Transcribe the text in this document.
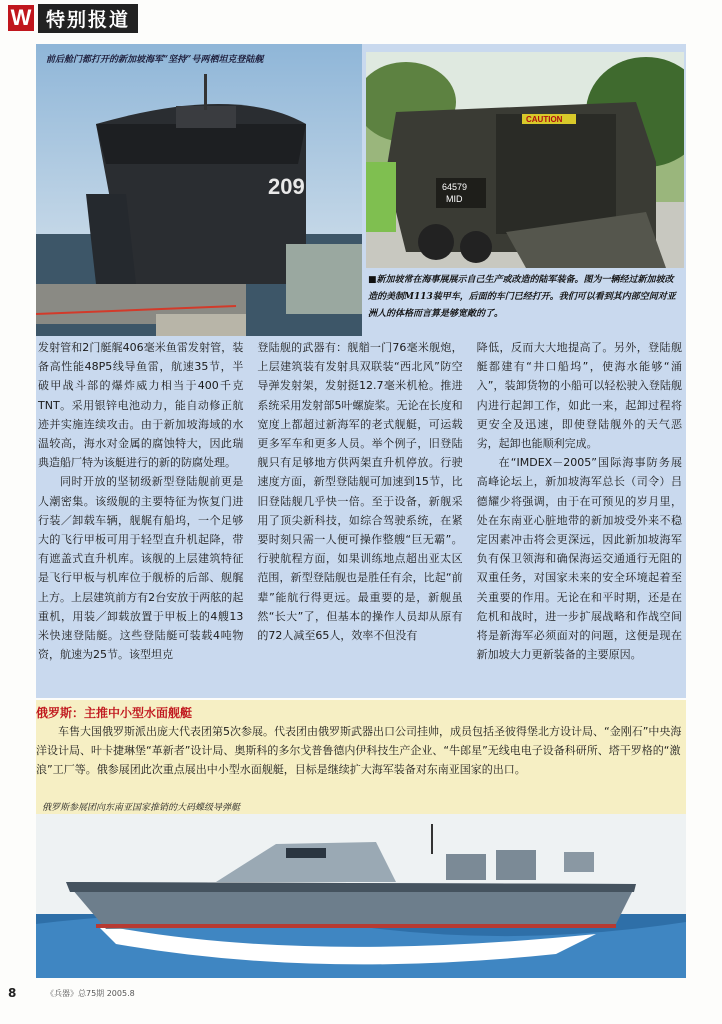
W 特别报道
209
前后舱门都打开的新加坡海军“坚持”号两栖坦克登陆舰
CAUTION
64579
MID
■新加坡常在海事展展示自己生产或改造的陆军装备。图为一辆经过新加坡改造的美制M113装甲车，后面的车门已经打开。我们可以看到其内部空间对亚洲人的体格而言算是够宽敞的了。

发射管和2门艇艉406毫米鱼雷发射管，装备高性能48P5线导鱼雷，航速35节，半破甲战斗部的爆炸威力相当于400千克TNT。采用银锌电池动力，能自动修正航迹并实施连续攻击。由于新加坡海域的水温较高，海水对金属的腐蚀特大，因此瑞典造船厂特为该艇进行的新的防腐处理。

同时开放的坚韧级新型登陆舰前更是人潮密集。该级舰的主要特征为恢复门进行装／卸载车辆，舰艉有船坞，一个足够大的飞行甲板可用于轻型直升机起降，带有遮盖式直升机库。该舰的上层建筑特征是飞行甲板与机库位于舰桥的后部、舰艉上方。上层建筑前方有2台安放于两舷的起重机，用装／卸载放置于甲板上的4艘13米快速登陆艇。这些登陆艇可装载4吨物资，航速为25节。该型坦克

登陆舰的武器有：舰艏一门76毫米舰炮，上层建筑装有发射具双联装“西北风”防空导弹发射架，发射挺12.7毫米机枪。推进系统采用发射部5叶螺旋桨。无论在长度和宽度上都超过新海军的老式舰艇，可运载更多军车和更多人员。举个例子，旧登陆舰只有足够地方供两架直升机停放。行驶速度方面，新型登陆舰可加速到15节，比旧登陆舰几乎快一倍。至于设备，新舰采用了顶尖新科技，如综合驾驶系统，在紧要时刻只需一人便可操作整艘“巨无霸”。行驶航程方面，如果训练地点超出亚太区范围，新型登陆舰也是胜任有余，比起“前辈”能航行得更远。最重要的是，新舰虽然“长大”了，但基本的操作人员却从原有的72人减至65人，效率不但没有

降低，反而大大地提高了。另外，登陆舰艇都建有“井口船坞”，使海水能够“涌入”，装卸货物的小船可以轻松驶入登陆舰内进行起卸工作，如此一来，起卸过程将更安全及迅速，即使登陆舰外的天气恶劣，起卸也能顺利完成。

在“IMDEX－2005”国际海事防务展高峰论坛上，新加坡海军总长（司令）吕德耀少将强调，由于在可预见的岁月里，处在东南亚心脏地带的新加坡受外来不稳定因素冲击将会更深远，因此新加坡海军负有保卫领海和确保海运交通通行无阻的双重任务，对国家未来的安全环境起着至关重要的作用。无论在和平时期，还是在危机和战时，进一步扩展战略和作战空间将是新海军必须面对的问题，这便是现在新加坡大力更新装备的主要原因。

俄罗斯：主推中小型水面舰艇

车售大国俄罗斯派出庞大代表团第5次参展。代表团由俄罗斯武器出口公司挂帅，成员包括圣彼得堡北方设计局、“金刚石”中央海洋设计局、叶卡捷琳堡“革新者”设计局、奥斯科的多尔戈普鲁德内伊科技生产企业、“牛郎星”无线电电子设备科研所、塔干罗格的“激浪”工厂等。俄参展团此次重点展出中小型水面舰艇，目标是继续扩大海军装备对东南亚国家的出口。

俄罗斯参展团向东南亚国家推销的大码蝶级导弹艇
8	《兵器》总75期 2005.8
